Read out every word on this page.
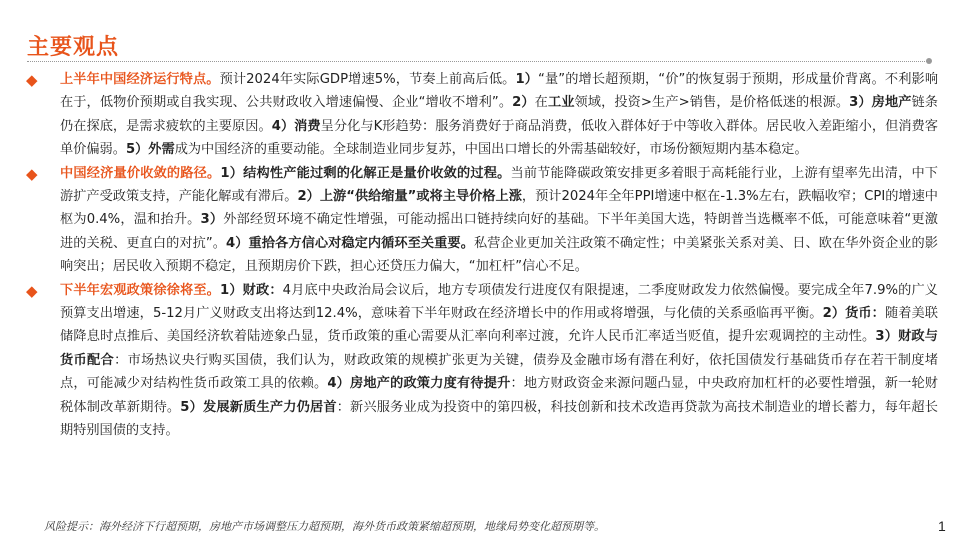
主要观点
◆ 上半年中国经济运行特点。预计2024年实际GDP增速5%，节奏上前高后低。1）“量”的增长超预期，“价”的恢复弱于预期，形成量价背离。不利影响在于，低物价预期或自我实现、公共财政收入增速偏慢、企业“增收不增利”。2）在工业领域，投资>生产>销售，是价格低迷的根源。3）房地产链条仍在探底，是需求疲软的主要原因。4）消费呈分化与K形趋势：服务消费好于商品消费，低收入群体好于中等收入群体。居民收入差距缩小，但消费客单价偏弱。5）外需成为中国经济的重要动能。全球制造业同步复苏，中国出口增长的外需基础较好，市场份额短期内基本稳定。
◆ 中国经济量价收敛的路径。1）结构性产能过剩的化解正是量价收敛的过程。当前节能降碳政策安排更多着眼于高耗能行业，上游有望率先出清，中下游扩产受政策支持，产能化解或有滞后。2）上游“供给缩量”或将主导价格上涨，预计2024年全年PPI增速中枢在-1.3%左右，跌幅收窄；CPI的增速中枢为0.4%，温和抬升。3）外部经贸环境不确定性增强，可能动摇出口链持续向好的基础。下半年美国大选，特朗普当选概率不低，可能意味着“更激进的关税、更直白的对抗”。4）重拾各方信心对稳定内循环至关重要。私营企业更加关注政策不确定性；中美紧张关系对美、日、欧在华外资企业的影响突出；居民收入预期不稳定，且预期房价下跌，担心还贷压力偏大，“加杠杆”信心不足。
◆ 下半年宏观政策徐徐将至。1）财政：4月底中央政治局会议后，地方专项债发行进度仅有限提速，二季度财政发力依然偏慢。要完成全年7.9%的广义预算支出增速，5-12月广义财政支出将达到12.4%，意味着下半年财政在经济增长中的作用或将增强，与化债的关系亟临再平衡。2）货币：随着美联储降息时点推后、美国经济软着陆迹象凸显，货币政策的重心需要从汇率向利率过渡，允许人民币汇率适当贬值，提升宏观调控的主动性。3）财政与货币配合：市场热议央行购买国债，我们认为，财政政策的规模扩张更为关键，债券及金融市场有潜在利好，依托国债发行基础货币存在若干制度堵点，可能减少对结构性货币政策工具的依赖。4）房地产的政策力度有待提升：地方财政资金来源问题凸显，中央政府加杠杆的必要性增强，新一轮财税体制改革新期待。5）发展新质生产力仍居首：新兴服务业成为投资中的第四极，科技创新和技术改造再贷款为高技术制造业的增长蓄力，每年超长期特别国债的支持。
风险提示：海外经济下行超预期，房地产市场调整压力超预期，海外货币政策紧缩超预期，地缘局势变化超预期等。	1
